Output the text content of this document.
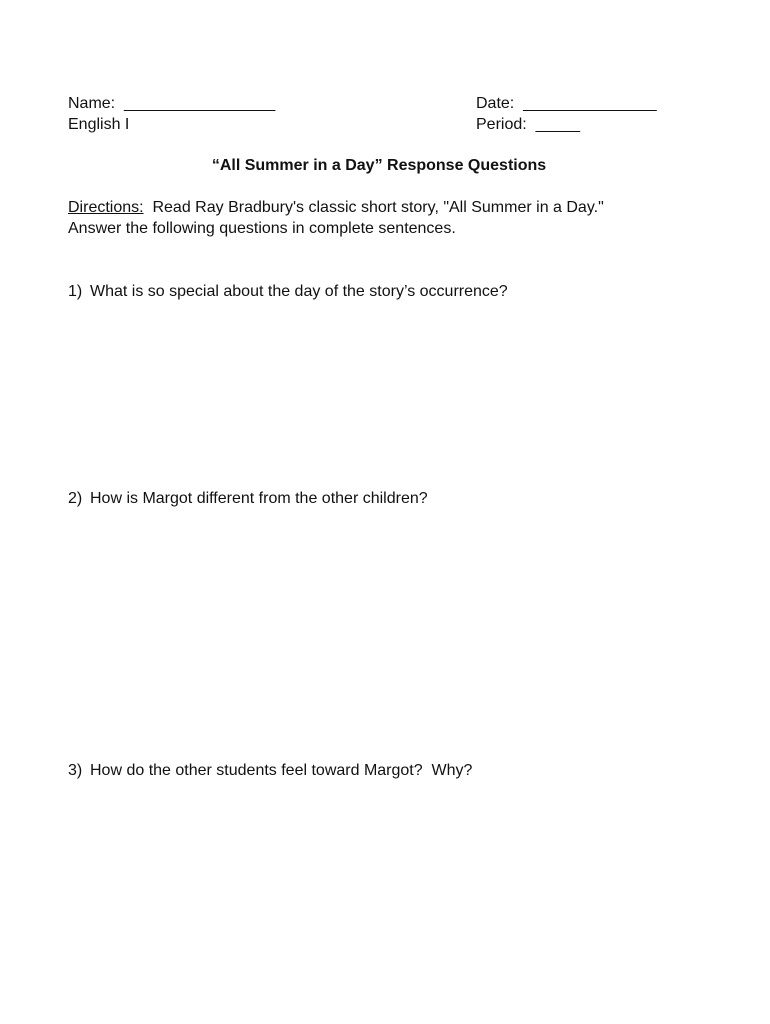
Name:  _________________
English I
Date:  _______________
Period:  _____
“All Summer in a Day” Response Questions
Directions:  Read Ray Bradbury's classic short story, "All Summer in a Day."
Answer the following questions in complete sentences.
1) What is so special about the day of the story’s occurrence?
2) How is Margot different from the other children?
3) How do the other students feel toward Margot?  Why?
